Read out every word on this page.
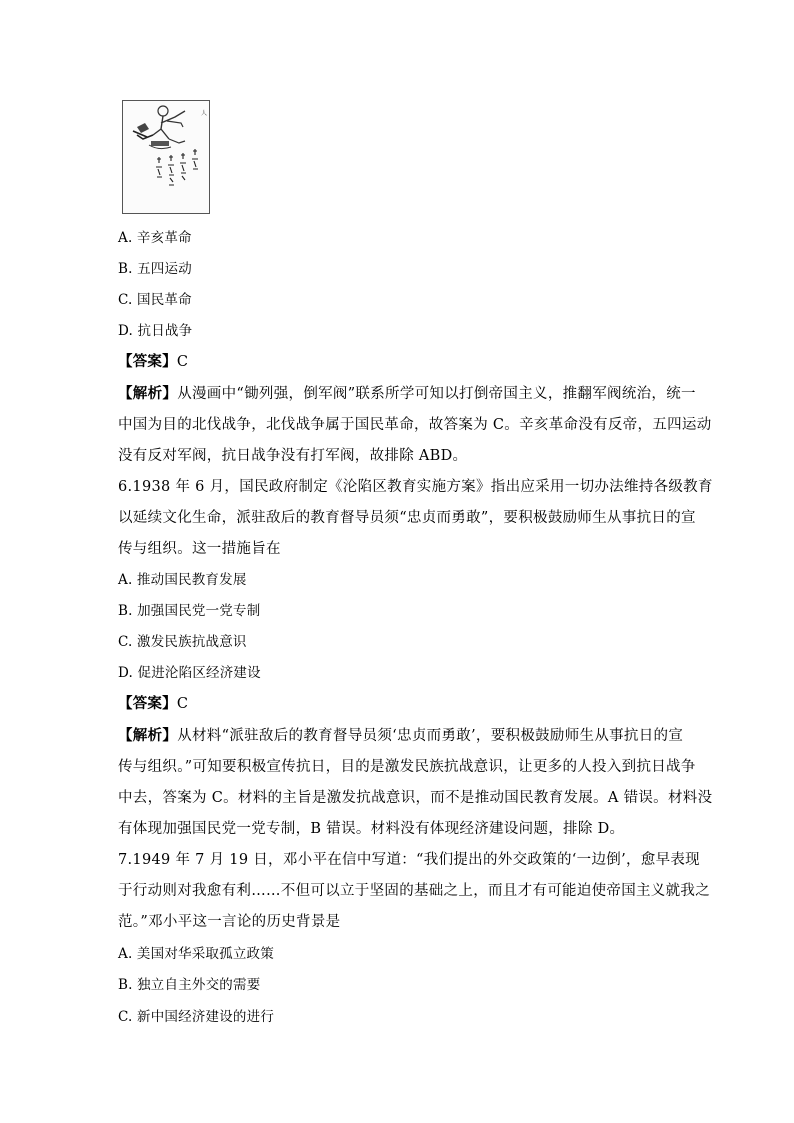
人
A. 辛亥革命
B. 五四运动
C. 国民革命
D. 抗日战争
【答案】C
【解析】从漫画中“锄列强，倒军阀”联系所学可知以打倒帝国主义，推翻军阀统治，统一
中国为目的北伐战争，北伐战争属于国民革命，故答案为 C。辛亥革命没有反帝，五四运动
没有反对军阀，抗日战争没有打军阀，故排除 ABD。
6.1938 年 6 月，国民政府制定《沦陷区教育实施方案》指出应采用一切办法维持各级教育
以延续文化生命，派驻敌后的教育督导员须“忠贞而勇敢”，要积极鼓励师生从事抗日的宣
传与组织。这一措施旨在
A. 推动国民教育发展
B. 加强国民党一党专制
C. 激发民族抗战意识
D. 促进沦陷区经济建设
【答案】C
【解析】从材料“派驻敌后的教育督导员须‘忠贞而勇敢’，要积极鼓励师生从事抗日的宣
传与组织。”可知要积极宣传抗日，目的是激发民族抗战意识，让更多的人投入到抗日战争
中去，答案为 C。材料的主旨是激发抗战意识，而不是推动国民教育发展。A 错误。材料没
有体现加强国民党一党专制，B 错误。材料没有体现经济建设问题，排除 D。
7.1949 年 7 月 19 日，邓小平在信中写道：“我们提出的外交政策的‘一边倒’，愈早表现
于行动则对我愈有利……不但可以立于坚固的基础之上，而且才有可能迫使帝国主义就我之
范。”邓小平这一言论的历史背景是
A. 美国对华采取孤立政策
B. 独立自主外交的需要
C. 新中国经济建设的进行
